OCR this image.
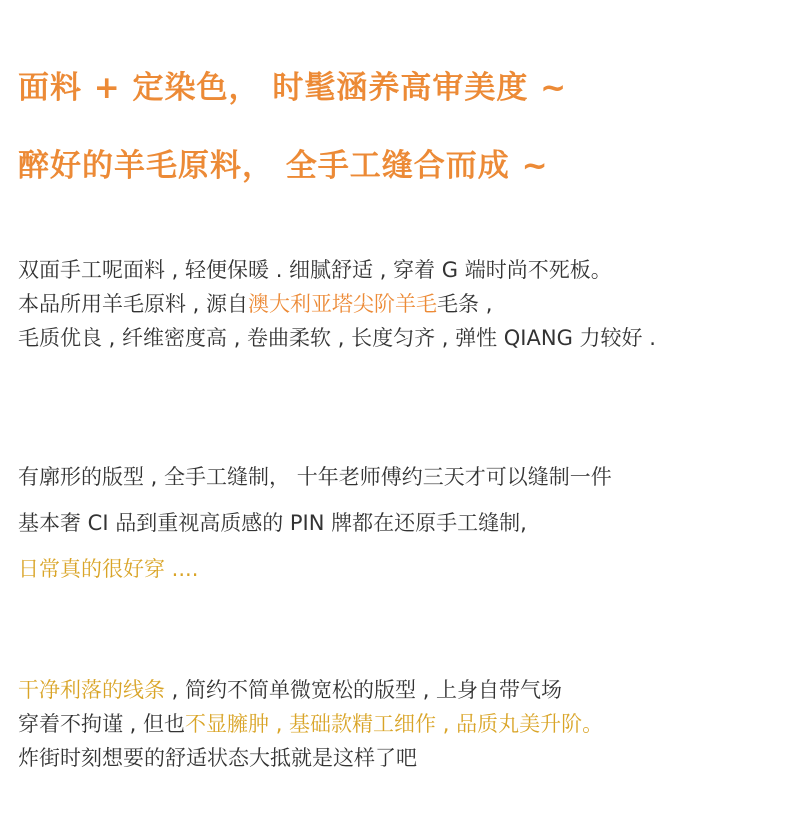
面料 + 定染色， 时髦涵养高审美度 ~
醉好的羊毛原料， 全手工缝合而成 ~
双面手工呢面料 , 轻便保暖 . 细腻舒适 , 穿着 G 端时尚不死板。
本品所用羊毛原料 , 源自澳大利亚塔尖阶羊毛毛条 ,
毛质优良 , 纤维密度高 , 卷曲柔软 , 长度匀齐 , 弹性 QIANG 力较好 .
有廓形的版型 , 全手工缝制， 十年老师傅约三天才可以缝制一件
基本奢 CI 品到重视高质感的 PIN 牌都在还原手工缝制,
日常真的很好穿 ....
干净利落的线条 , 简约不简单微宽松的版型 , 上身自带气场
穿着不拘谨 , 但也不显臃肿 , 基础款精工细作 , 品质丸美升阶。
炸街时刻想要的舒适状态大抵就是这样了吧
